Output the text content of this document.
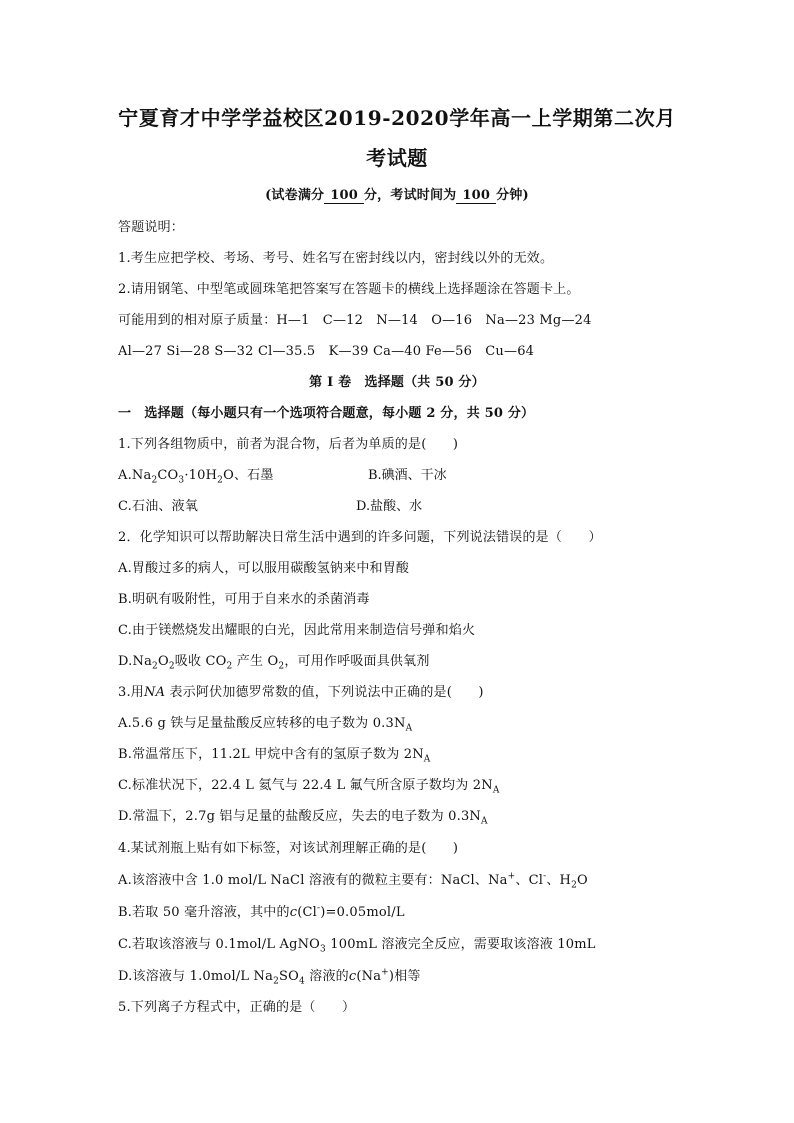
宁夏育才中学学益校区2019-2020学年高一上学期第二次月
考试题
(试卷满分 100 分，考试时间为 100 分钟)
答题说明：
1.考生应把学校、考场、考号、姓名写在密封线以内，密封线以外的无效。
2.请用钢笔、中型笔或圆珠笔把答案写在答题卡的横线上选择题涂在答题卡上。
可能用到的相对原子质量：H—1　C—12　N—14　O—16　Na—23 Mg—24
Al—27 Si—28 S—32 Cl—35.5　K—39 Ca—40 Fe—56　Cu—64
第 I 卷　选择题（共 50 分）
一　选择题（每小题只有一个选项符合题意，每小题 2 分，共 50 分）
1.下列各组物质中，前者为混合物，后者为单质的是(　　)
$A.Na_2CO_3\cdot 10H_2O$、石墨	B.碘酒、干冰
C.石油、液氧	D.盐酸、水
2．化学知识可以帮助解决日常生活中遇到的许多问题，下列说法错误的是（　　）
A.胃酸过多的病人，可以服用碳酸氢钠来中和胃酸
B.明矾有吸附性，可用于自来水的杀菌消毒
C.由于镁燃烧发出耀眼的白光，因此常用来制造信号弹和焰火
$D.Na_2O_2$吸收 $CO_2$ 产生 $O_2$，可用作呼吸面具供氧剂
3.用NA 表示阿伏加德罗常数的值，下列说法中正确的是(　　)
A.5.6 g 铁与足量盐酸反应转移的电子数为 $0.3N_A$
B.常温常压下，11.2L 甲烷中含有的氢原子数为 $2N_A$
C.标准状况下，22.4 L 氦气与 22.4 L 氟气所含原子数均为 $2N_A$
D.常温下，2.7g 铝与足量的盐酸反应，失去的电子数为 $0.3N_A$
4.某试剂瓶上贴有如下标签，对该试剂理解正确的是(　　)
A.该溶液中含 1.0 mol/L NaCl 溶液有的微粒主要有：NaCl、Na+、Cl-、$H_2O$
B.若取 50 毫升溶液，其中的c(Cl-)=0.05mol/L
C.若取该溶液与 0.1mol/L AgNO$_3$ 100mL 溶液完全反应，需要取该溶液 10mL
D.该溶液与 1.0mol/L $Na_2SO_4$ 溶液的c(Na+)相等
5.下列离子方程式中，正确的是（　　）
